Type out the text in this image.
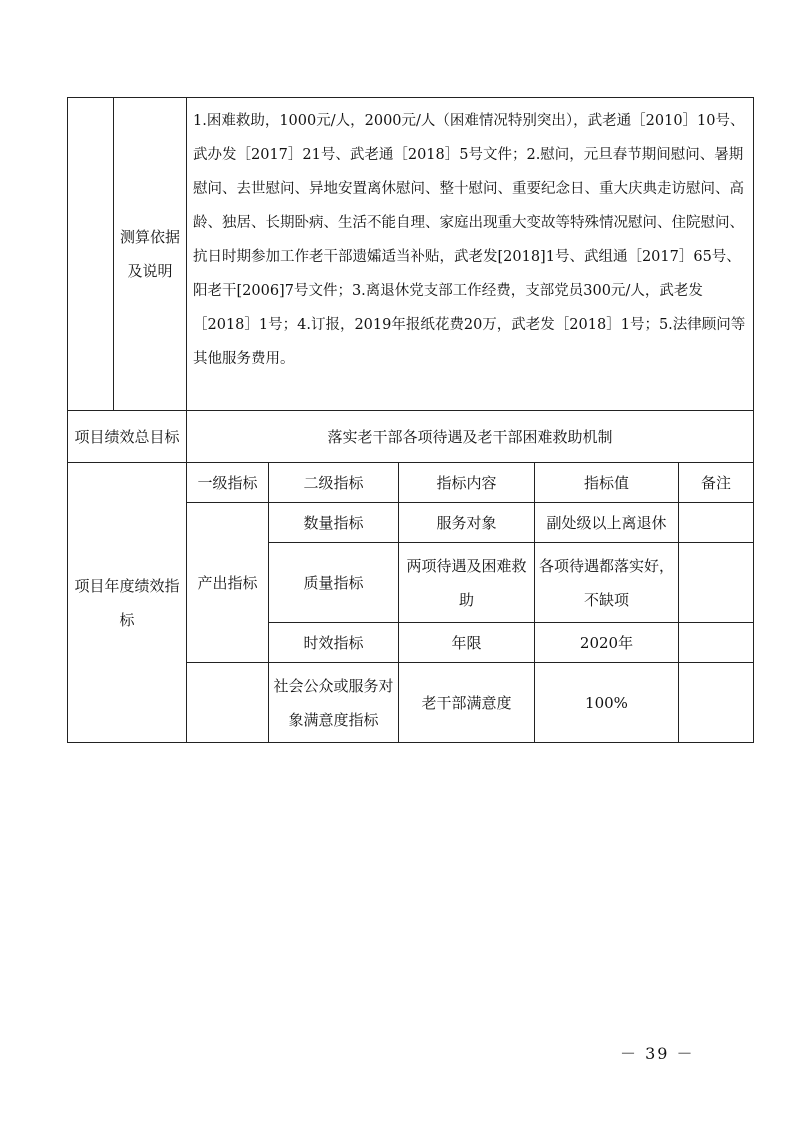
	测算依据及说明	1.困难救助，1000元/人，2000元/人（困难情况特别突出），武老通［2010］10号、武办发［2017］21号、武老通［2018］5号文件；2.慰问，元旦春节期间慰问、暑期慰问、去世慰问、异地安置离休慰问、整十慰问、重要纪念日、重大庆典走访慰问、高龄、独居、长期卧病、生活不能自理、家庭出现重大变故等特殊情况慰问、住院慰问、抗日时期参加工作老干部遗孀适当补贴，武老发[2018]1号、武组通［2017］65号、阳老干[2006]7号文件；3.离退休党支部工作经费，支部党员300元/人，武老发［2018］1号；4.订报，2019年报纸花费20万，武老发［2018］1号；5.法律顾问等其他服务费用。				
项目绩效总目标		落实老干部各项待遇及老干部困难救助机制				
项目年度绩效指标		一级指标	二级指标	指标内容	指标值	备注
		产出指标	数量指标	服务对象	副处级以上离退休	
			质量指标	两项待遇及困难救助	各项待遇都落实好，不缺项	
			时效指标	年限	2020年	
			社会公众或服务对象满意度指标	老干部满意度	100%	
－ 39 －
